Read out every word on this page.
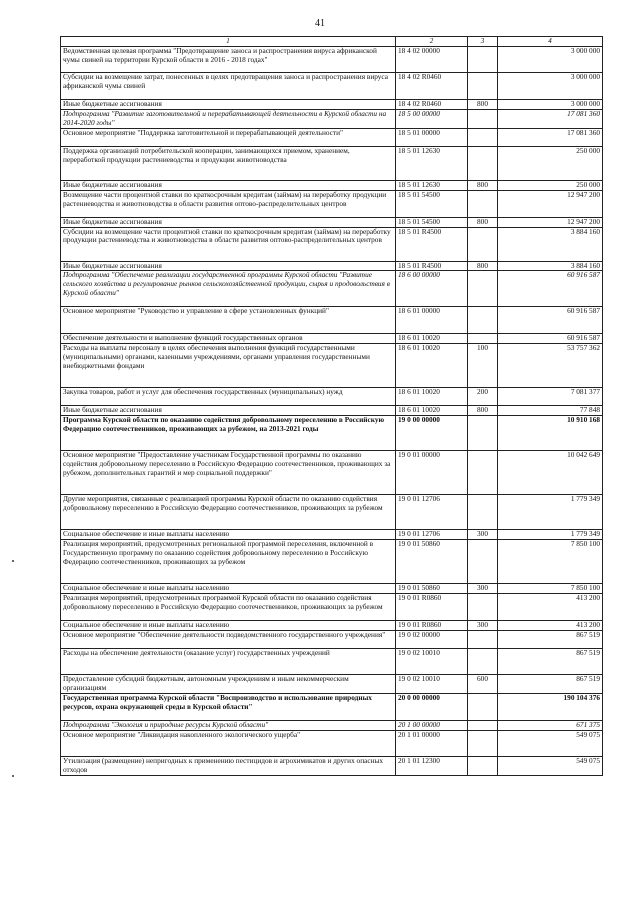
41
1	2	3	4
Ведомственная целевая программа "Предотвращение заноса и распространения вируса африканской чумы свиней на территории Курской области в 2016 - 2018 годах"	18 4 02 00000		3 000 000
Субсидии на возмещение затрат, понесенных в целях предотвращения заноса и распространения вируса африканской чумы свиней	18 4 02 R0460		3 000 000
Иные бюджетные ассигнования	18 4 02 R0460	800	3 000 000
Подпрограмма "Развитие заготовительной и перерабатывающей деятельности в Курской области на 2014-2020 годы"	18 5 00 00000		17 081 360
Основное мероприятие "Поддержка заготовительной и перерабатывающей деятельности"	18 5 01 00000		17 081 360
Поддержка организаций потребительской кооперации, занимающихся приемом, хранением, переработкой продукции растениеводства и продукции животноводства	18 5 01 12630		250 000
Иные бюджетные ассигнования	18 5 01 12630	800	250 000
Возмещение части процентной ставки по краткосрочным кредитам (займам) на переработку продукции растениеводства и животноводства в области развития оптово-распределительных центров	18 5 01 54500		12 947 200
Иные бюджетные ассигнования	18 5 01 54500	800	12 947 200
Субсидии на возмещение части процентной ставки по краткосрочным кредитам (займам) на переработку продукции растениеводства и животноводства в области развития оптово-распределительных центров	18 5 01 R4500		3 884 160
Иные бюджетные ассигнования	18 5 01 R4500	800	3 884 160
Подпрограмма "Обеспечение реализации государственной программы Курской области "Развитие сельского хозяйства и регулирование рынков сельскохозяйственной продукции, сырья и продовольствия в Курской области"	18 6 00 00000		60 916 587
Основное мероприятие "Руководство и управление в сфере установленных функций"	18 6 01 00000		60 916 587
Обеспечение деятельности и выполнение функций государственных органов	18 6 01 10020		60 916 587
Расходы на выплаты персоналу в целях обеспечения выполнения функций государственными (муниципальными) органами, казенными учреждениями, органами управления государственными внебюджетными фондами	18 6 01 10020	100	53 757 362
Закупка товаров, работ и услуг для обеспечения государственных (муниципальных) нужд	18 6 01 10020	200	7 081 377
Иные бюджетные ассигнования	18 6 01 10020	800	77 848
Программа Курской области по оказанию содействия добровольному переселению в Российскую Федерацию соотечественников, проживающих за рубежом, на 2013-2021 годы	19 0 00 00000		10 910 168
Основное мероприятие "Предоставление участникам Государственной программы по оказанию содействия добровольному переселению в Российскую Федерацию соотечественников, проживающих за рубежом, дополнительных гарантий и мер социальной поддержки"	19 0 01 00000		10 042 649
Другие мероприятия, связанные с реализацией программы Курской области по оказанию содействия добровольному переселению в Российскую Федерацию соотечественников, проживающих за рубежом	19 0 01 12706		1 779 349
Социальное обеспечение и иные выплаты населению	19 0 01 12706	300	1 779 349
Реализация мероприятий, предусмотренных региональной программой переселения, включенной в Государственную программу по оказанию содействия добровольному переселению в Российскую Федерацию соотечественников, проживающих за рубежом	19 0 01 50860		7 850 100
Социальное обеспечение и иные выплаты населению	19 0 01 50860	300	7 850 100
Реализация мероприятий, предусмотренных программой Курской области по оказанию содействия добровольному переселению в Российскую Федерацию соотечественников, проживающих за рубежом	19 0 01 R0860		413 200
Социальное обеспечение и иные выплаты населению	19 0 01 R0860	300	413 200
Основное мероприятие "Обеспечение деятельности подведомственного государственного учреждения"	19 0 02 00000		867 519
Расходы на обеспечение деятельности (оказание услуг) государственных учреждений	19 0 02 10010		867 519
Предоставление субсидий бюджетным, автономным учреждениям и иным некоммерческим организациям	19 0 02 10010	600	867 519
Государственная программа Курской области "Воспроизводство и использование природных ресурсов, охрана окружающей среды в Курской области"	20 0 00 00000		190 104 376
Подпрограмма "Экология и природные ресурсы Курской области"	20 1 00 00000		671 375
Основное мероприятие "Ликвидация накопленного экологического ущерба"	20 1 01 00000		549 075
Утилизация (размещение) непригодных к применению пестицидов и агрохимикатов и других опасных отходов	20 1 01 12300		549 075
